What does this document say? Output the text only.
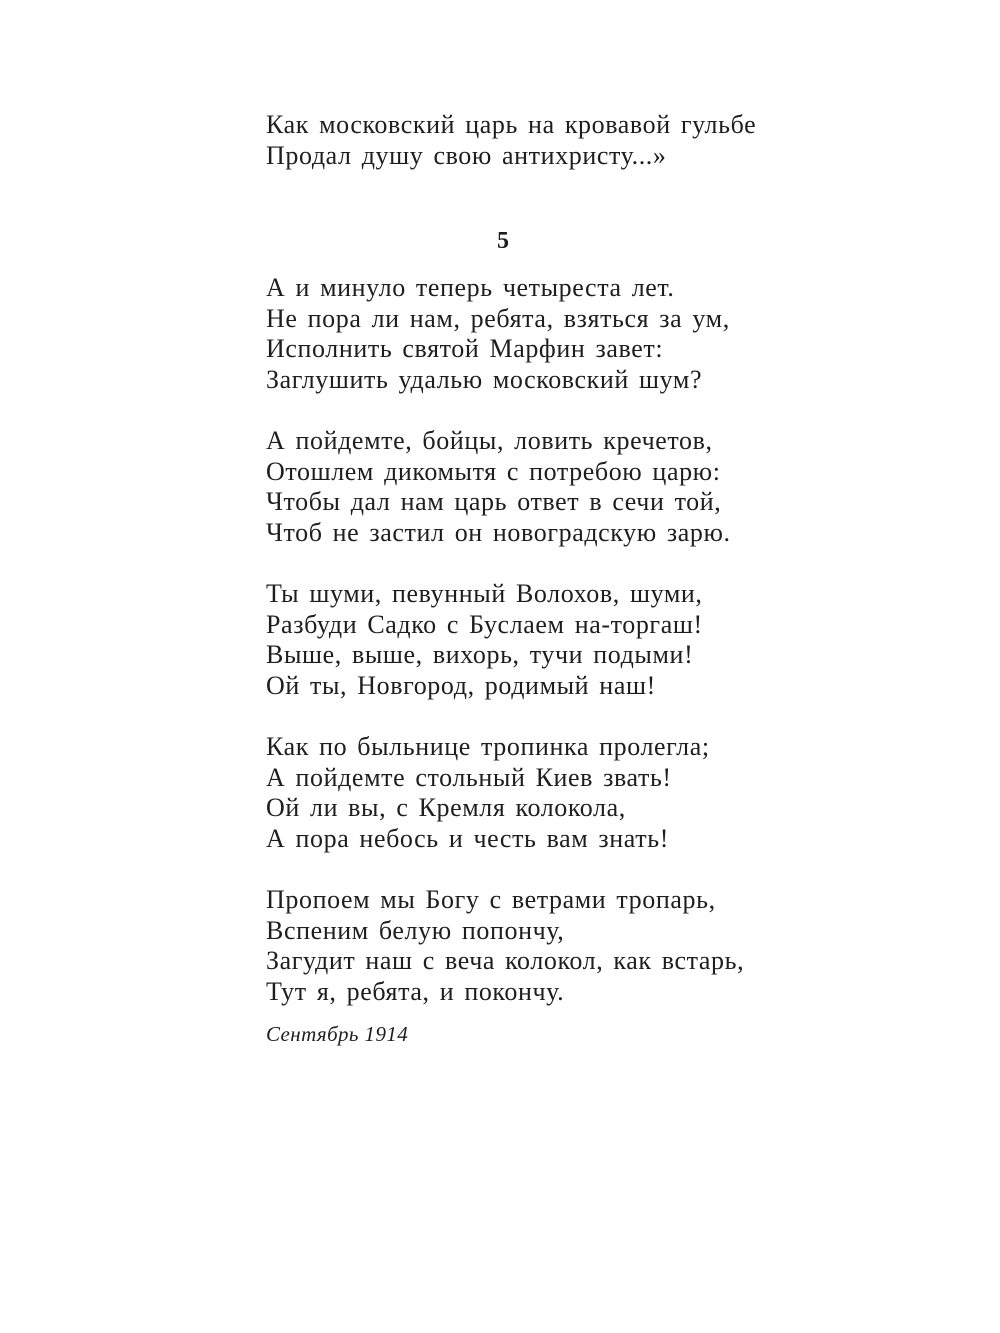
Как московский царь на кровавой гульбе
Продал душу свою антихристу...»
5
А и минуло теперь четыреста лет.
Не пора ли нам, ребята, взяться за ум,
Исполнить святой Марфин завет:
Заглушить удалью московский шум?
А пойдемте, бойцы, ловить кречетов,
Отошлем дикомытя с потребою царю:
Чтобы дал нам царь ответ в сечи той,
Чтоб не застил он новоградскую зарю.
Ты шуми, певунный Волохов, шуми,
Разбуди Садко с Буслаем на-торгаш!
Выше, выше, вихорь, тучи подыми!
Ой ты, Новгород, родимый наш!
Как по быльнице тропинка пролегла;
А пойдемте стольный Киев звать!
Ой ли вы, с Кремля колокола,
А пора небось и честь вам знать!
Пропоем мы Богу с ветрами тропарь,
Вспеним белую попончу,
Загудит наш с веча колокол, как встарь,
Тут я, ребята, и покончу.
Сентябрь 1914
